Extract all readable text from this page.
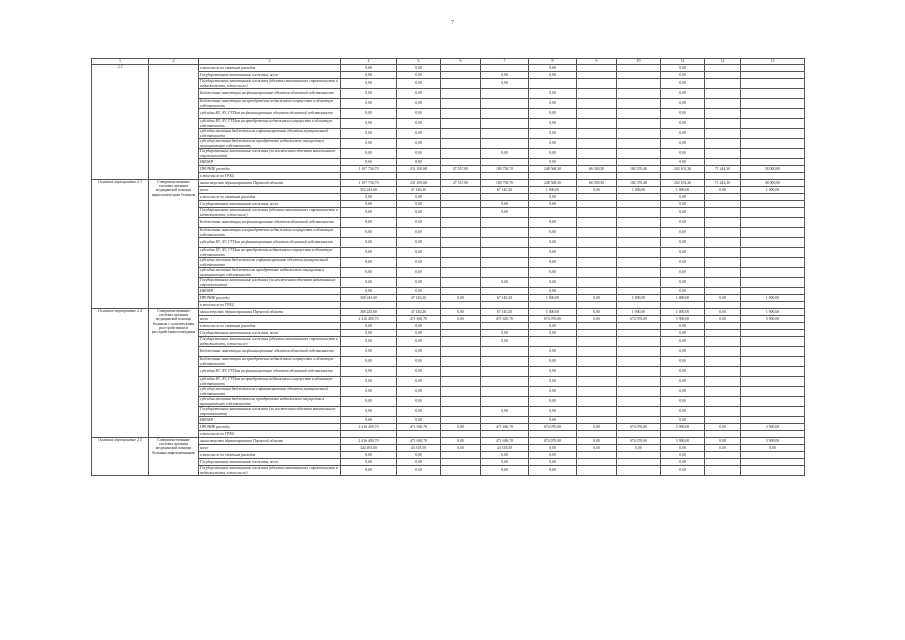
7
1	2	3	4	5	6	7	8	9	10	11	12	13
2.2		в том числе по статьям расходов	0,00	0,00			0,00			0,00		
		Государственные капитальные вложения, всего	0,00	0,00		0,00	0,00			0,00		
		Государственные капитальные вложения (объекты капитального строительства и недвижимости, в том числе)	0,00	0,00		0,00				0,00		
		Бюджетные инвестиции на финансирование объектов областной собственности	0,00	0,00			0,00			0,00		
		Бюджетные инвестиции на приобретение недвижимого имущества в областную собственность	0,00	0,00			0,00			0,00		
		субсидии БУ, АУ, ГУПам на финансирование объектов областной собственности	0,00	0,00			0,00			0,00		
		субсидии БУ, АУ, ГУПам на приобретение недвижимого имущества в областную собственность	0,00	0,00			0,00			0,00		
		субсидии местным бюджетам на софинансирование объектов муниципальной собственности	0,00	0,00			0,00			0,00		
		субсидии местным бюджетам на приобретение недвижимого имущества в муниципальную собственность	0,00	0,00			0,00			0,00		
		Государственные капитальные вложения (за исключением объектов капитального строительства)	0,00	0,00		0,00	0,00			0,00		
		НИОКР	0,00	0,00			0,00			0,00		
		ПРОЧИЕ расходы	1 107 756,70	231 295,68	47 537,00	180 758,70	248 568,30	66 339,30	182 370,40	202 103,26	71 244,30	38 000,00
		в том числе по ГРБС:										
Основное мероприятие 2.3	Совершенствование системы оказания медицинской помощи наркологическим больным	министерство здравоохранения Пермской области	1 107 756,70	231 295,68	47 537,00	180 758,70	248 568,30	66 339,30	182 370,40	202 103,26	71 244,30	38 000,00
		всего	354 243,60	47 140,20		67 140,20	1 000,00	0,00	1 000,00	1 000,00	0,00	1 000,00
		в том числе по статьям расходов	0,00	0,00			0,00			0,00		
		Государственные капитальные вложения, всего	0,00	0,00		0,00	0,00			0,00		
		Государственные капитальные вложения (объекты капитального строительства и недвижимости, в том числе)	0,00	0,00		0,00				0,00		
		Бюджетные инвестиции на финансирование объектов областной собственности	0,00	0,00			0,00			0,00		
		Бюджетные инвестиции на приобретение недвижимого имущества в областную собственность	0,00	0,00			0,00			0,00		
		субсидии БУ, АУ, ГУПам на финансирование объектов областной собственности	0,00	0,00			0,00			0,00		
		субсидии БУ, АУ, ГУПам на приобретение недвижимого имущества в областную собственность	0,00	0,00			0,00			0,00		
		субсидии местным бюджетам на софинансирование объектов муниципальной собственности	0,00	0,00			0,00			0,00		
		субсидии местным бюджетам на приобретение недвижимого имущества в муниципальную собственность	0,00	0,00			0,00			0,00		
		Государственные капитальные вложения (за исключением объектов капитального строительства)	0,00	0,00		0,00	0,00			0,00		
		НИОКР	0,00	0,00			0,00			0,00		
		ПРОЧИЕ расходы	368 243,60	47 140,20	0,00	67 140,20	1 000,00	0,00	1 000,00	1 000,00	0,00	1 000,00
		в том числе по ГРБС:										
Основное мероприятие 2.4	Совершенствование системы оказания медицинской помощи больным с психическими расстройствами и расстройствами поведения	министерство здравоохранения Пермской области	368 243,60	47 140,20	0,00	67 140,20	1 000,00	0,00	1 000,00	1 000,00	0,00	1 000,00
		всего	2 416 490,70	471 630,70	0,00	471 630,70	674 070,00	0,00	674 070,00	5 900,00	0,00	5 900,00
		в том числе по статьям расходов	0,00	0,00			0,00			0,00		
		Государственные капитальные вложения, всего	0,00	0,00		0,00	0,00			0,00		
		Государственные капитальные вложения (объекты капитального строительства и недвижимости, в том числе)	0,00	0,00		0,00				0,00		
		Бюджетные инвестиции на финансирование объектов областной собственности	0,00	0,00			0,00			0,00		
		Бюджетные инвестиции на приобретение недвижимого имущества в областную собственность	0,00	0,00			0,00			0,00		
		субсидии БУ, АУ, ГУПам на финансирование объектов областной собственности	0,00	0,00			0,00			0,00		
		субсидии БУ, АУ, ГУПам на приобретение недвижимого имущества в областную собственность	0,00	0,00			0,00			0,00		
		субсидии местным бюджетам на софинансирование объектов муниципальной собственности	0,00	0,00			0,00			0,00		
		субсидии местным бюджетам на приобретение недвижимого имущества в муниципальную собственность	0,00	0,00			0,00			0,00		
		Государственные капитальные вложения (за исключением объектов капитального строительства)	0,00	0,00		0,00	0,00			0,00		
		НИОКР	0,00	0,00			0,00			0,00		
		ПРОЧИЕ расходы	2 416 490,70	471 630,70	0,00	471 630,70	674 070,00	0,00	674 070,00	5 900,00	0,00	5 900,00
		в том числе по ГРБС:										
Основное мероприятие 2.5	Совершенствование системы оказания медицинской помощи больным инфекционными	министерство здравоохранения Пермской области	2 416 490,70	471 630,70	0,00	471 630,70	674 070,00	0,00	674 070,00	5 900,00	0,00	5 900,00
		всего	344 491,00	43 518,50	0,00	43 518,50	0,00	0,00	0,00	0,00	0,00	0,00
		в том числе по статьям расходов	0,00	0,00		0,00	0,00			0,00		
		Государственные капитальные вложения, всего	0,00	0,00		0,00	0,00			0,00		
		Государственные капитальные вложения (объекты капитального строительства и недвижимости, в том числе)	0,00	0,00		0,00	0,00			0,00		
